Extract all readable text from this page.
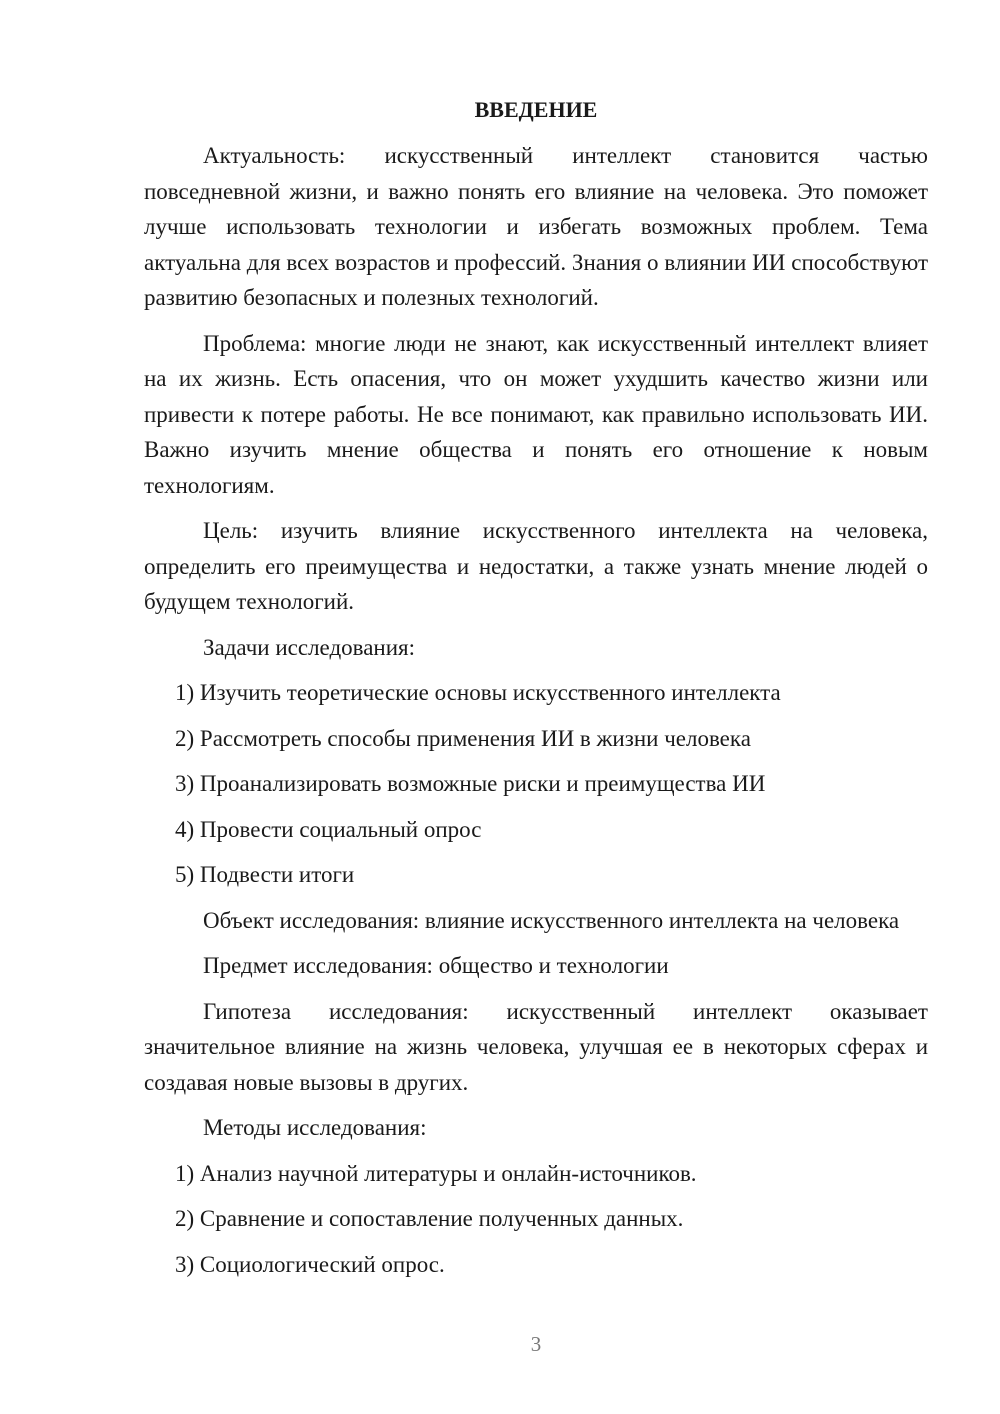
ВВЕДЕНИЕ

Актуальность: искусственный интеллект становится частью повседневной жизни, и важно понять его влияние на человека. Это поможет лучше использовать технологии и избегать возможных проблем. Тема актуальна для всех возрастов и профессий. Знания о влиянии ИИ способствуют развитию безопасных и полезных технологий.

Проблема: многие люди не знают, как искусственный интеллект влияет на их жизнь. Есть опасения, что он может ухудшить качество жизни или привести к потере работы. Не все понимают, как правильно использовать ИИ. Важно изучить мнение общества и понять его отношение к новым технологиям.

Цель: изучить влияние искусственного интеллекта на человека, определить его преимущества и недостатки, а также узнать мнение людей о будущем технологий.

Задачи исследования:
1) Изучить теоретические основы искусственного интеллекта
2) Рассмотреть способы применения ИИ в жизни человека
3) Проанализировать возможные риски и преимущества ИИ
4) Провести социальный опрос
5) Подвести итоги

Объект исследования: влияние искусственного интеллекта на человека

Предмет исследования: общество и технологии

Гипотеза исследования: искусственный интеллект оказывает значительное влияние на жизнь человека, улучшая ее в некоторых сферах и создавая новые вызовы в других.

Методы исследования:
1) Анализ научной литературы и онлайн-источников.
2) Сравнение и сопоставление полученных данных.
3) Социологический опрос.
3
